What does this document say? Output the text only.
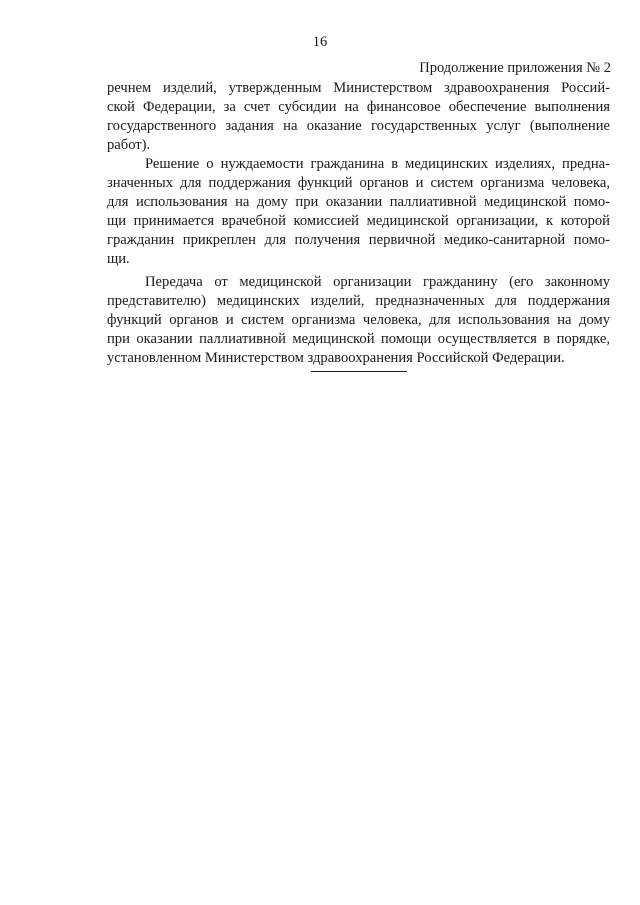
16
Продолжение приложения № 2
речнем изделий, утвержденным Министерством здравоохранения Россий-
ской Федерации, за счет субсидии на финансовое обеспечение выполнения
государственного задания на оказание государственных услуг (выполнение
работ).
Решение о нуждаемости гражданина в медицинских изделиях, предна-
значенных для поддержания функций органов и систем организма человека,
для использования на дому при оказании паллиативной медицинской помо-
щи принимается врачебной комиссией медицинской организации, к которой
гражданин прикреплен для получения первичной медико-санитарной помо-
щи.
Передача от медицинской организации гражданину (его законному
представителю) медицинских изделий, предназначенных для поддержания
функций органов и систем организма человека, для использования на дому
при оказании паллиативной медицинской помощи осуществляется в порядке,
установленном Министерством здравоохранения Российской Федерации.
